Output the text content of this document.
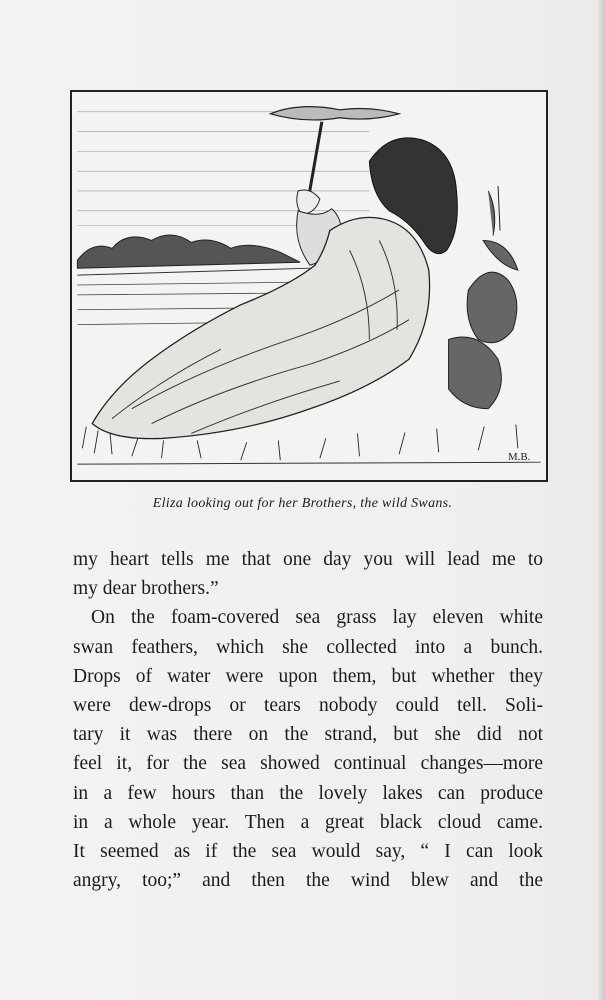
M.B.
Eliza looking out for her Brothers, the wild Swans.
my heart tells me that one day you will lead me to
my dear brothers.”
On the foam-covered sea grass lay eleven white
swan feathers, which she collected into a bunch.
Drops of water were upon them, but whether they
were dew-drops or tears nobody could tell. Soli-
tary it was there on the strand, but she did not
feel it, for the sea showed continual changes—more
in a few hours than the lovely lakes can produce
in a whole year. Then a great black cloud came.
It seemed as if the sea would say, “ I can look
angry, too;” and then the wind blew and the
